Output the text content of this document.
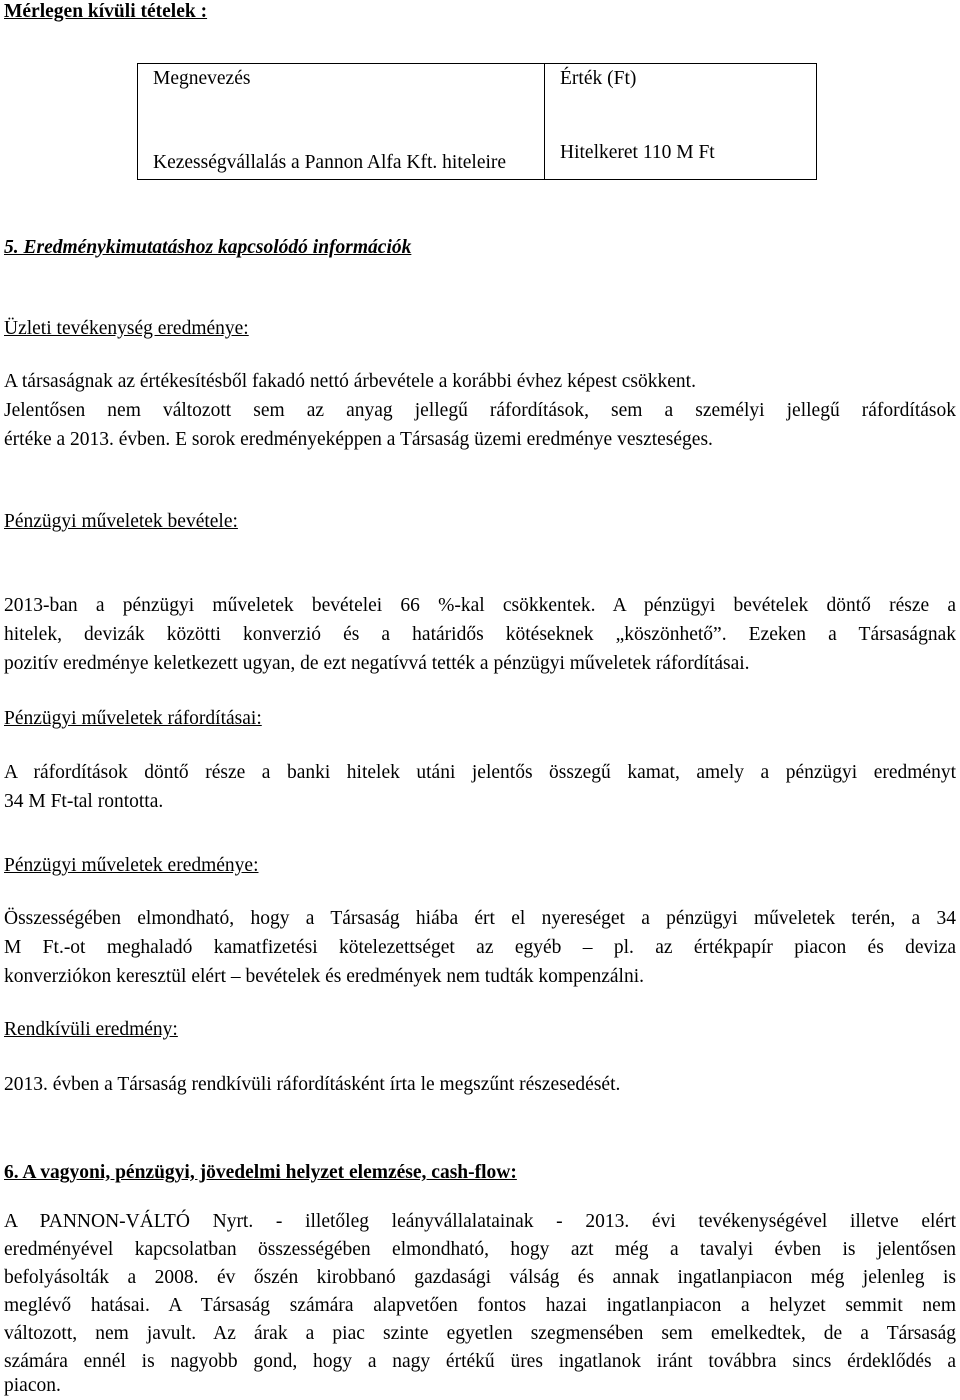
Mérlegen kívüli tételek :
Megnevezés	Érték (Ft)
Kezességvállalás a Pannon Alfa Kft. hiteleire	Hitelkeret 110 M Ft
5. Eredménykimutatáshoz kapcsolódó információk
Üzleti tevékenység eredménye:
A társaságnak az értékesítésből fakadó nettó árbevétele a korábbi évhez képest csökkent.
Jelentősen nem változott sem az anyag jellegű ráfordítások, sem a személyi jellegű ráfordítások
értéke a 2013. évben. E sorok eredményeképpen a Társaság üzemi eredménye veszteséges.
Pénzügyi műveletek bevétele:
2013-ban a pénzügyi műveletek bevételei 66 %-kal csökkentek. A pénzügyi bevételek döntő része a
hitelek, devizák közötti konverzió és a határidős kötéseknek „köszönhető”. Ezeken a Társaságnak
pozitív eredménye keletkezett ugyan, de ezt negatívvá tették a pénzügyi műveletek ráfordításai.
Pénzügyi műveletek ráfordításai:
A ráfordítások döntő része a banki hitelek utáni jelentős összegű kamat, amely a pénzügyi eredményt
34 M Ft-tal rontotta.
Pénzügyi műveletek eredménye:
Összességében elmondható, hogy a Társaság hiába ért el nyereséget a pénzügyi műveletek terén, a 34
M Ft.-ot meghaladó kamatfizetési kötelezettséget az egyéb – pl. az értékpapír piacon és deviza
konverziókon keresztül elért – bevételek és eredmények nem tudták kompenzálni.
Rendkívüli eredmény:
2013. évben a Társaság rendkívüli ráfordításként írta le megszűnt részesedését.
6. A vagyoni, pénzügyi, jövedelmi helyzet elemzése, cash-flow:
A PANNON-VÁLTÓ Nyrt. - illetőleg leányvállalatainak - 2013. évi tevékenységével illetve elért
eredményével kapcsolatban összességében elmondható, hogy azt még a tavalyi évben is jelentősen
befolyásolták a 2008. év őszén kirobbanó gazdasági válság és annak ingatlanpiacon még jelenleg is
meglévő hatásai. A Társaság számára alapvetően fontos hazai ingatlanpiacon a helyzet semmit nem
változott, nem javult. Az árak a piac szinte egyetlen szegmensében sem emelkedtek, de a Társaság
számára ennél is nagyobb gond, hogy a nagy értékű üres ingatlanok iránt továbbra sincs érdeklődés a
piacon.
